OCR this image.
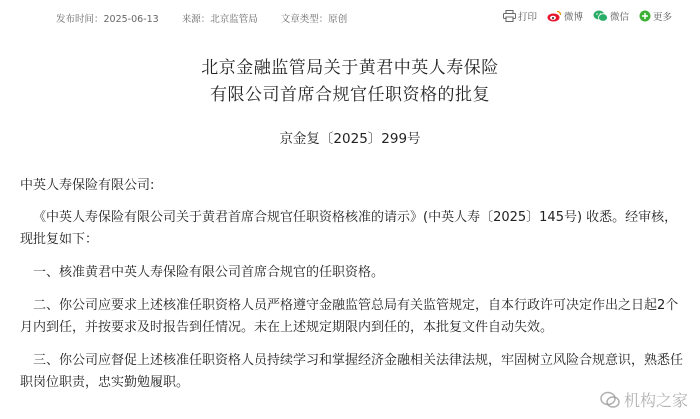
发布时间：2025-06-13 来源：北京监管局 文章类型：原创	打印	微博	微信	更多
北京金融监管局关于黄君中英人寿保险
有限公司首席合规官任职资格的批复
京金复〔2025〕299号
中英人寿保险有限公司:
《中英人寿保险有限公司关于黄君首席合规官任职资格核准的请示》(中英人寿〔2025〕145号) 收悉。经审核，现批复如下：
一、核准黄君中英人寿保险有限公司首席合规官的任职资格。
二、你公司应要求上述核准任职资格人员严格遵守金融监管总局有关监管规定，自本行政许可决定作出之日起2个月内到任，并按要求及时报告到任情况。未在上述规定期限内到任的，本批复文件自动失效。
三、你公司应督促上述核准任职资格人员持续学习和掌握经济金融相关法律法规，牢固树立风险合规意识，熟悉任职岗位职责，忠实勤勉履职。
机构之家
